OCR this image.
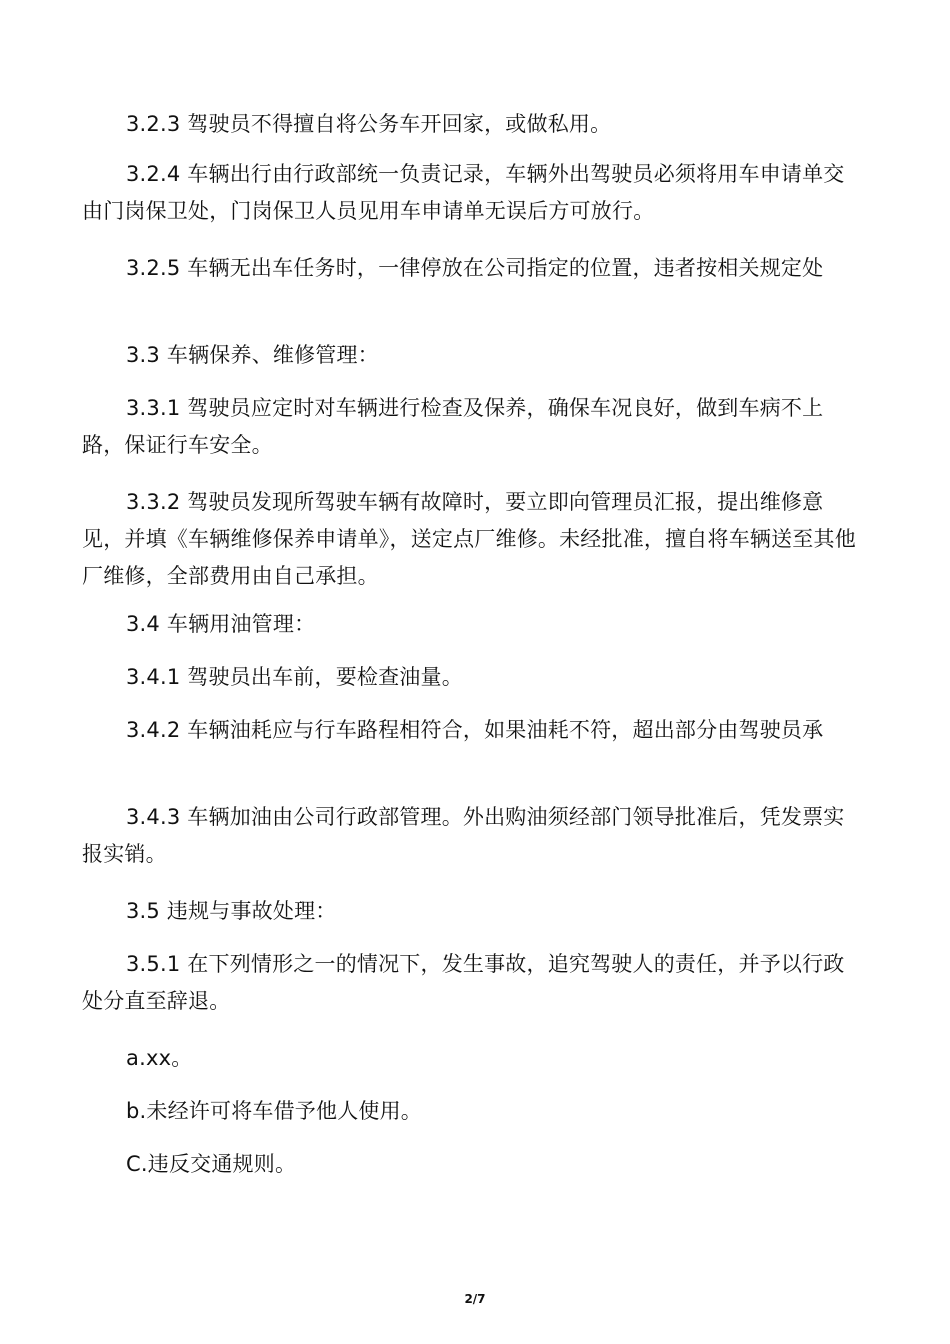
3.2.3 驾驶员不得擅自将公务车开回家，或做私用。

3.2.4 车辆出行由行政部统一负责记录，车辆外出驾驶员必须将用车申请单交由门岗保卫处，门岗保卫人员见用车申请单无误后方可放行。

3.2.5 车辆无出车任务时，一律停放在公司指定的位置，违者按相关规定处

3.3 车辆保养、维修管理：

3.3.1 驾驶员应定时对车辆进行检查及保养，确保车况良好，做到车病不上路，保证行车安全。

3.3.2 驾驶员发现所驾驶车辆有故障时，要立即向管理员汇报，提出维修意见，并填《车辆维修保养申请单》，送定点厂维修。未经批准，擅自将车辆送至其他厂维修，全部费用由自己承担。

3.4 车辆用油管理：

3.4.1 驾驶员出车前，要检查油量。

3.4.2 车辆油耗应与行车路程相符合，如果油耗不符，超出部分由驾驶员承

3.4.3 车辆加油由公司行政部管理。外出购油须经部门领导批准后，凭发票实报实销。

3.5 违规与事故处理：

3.5.1 在下列情形之一的情况下，发生事故，追究驾驶人的责任，并予以行政处分直至辞退。

a.xx。

b.未经许可将车借予他人使用。

C.违反交通规则。

2/7
